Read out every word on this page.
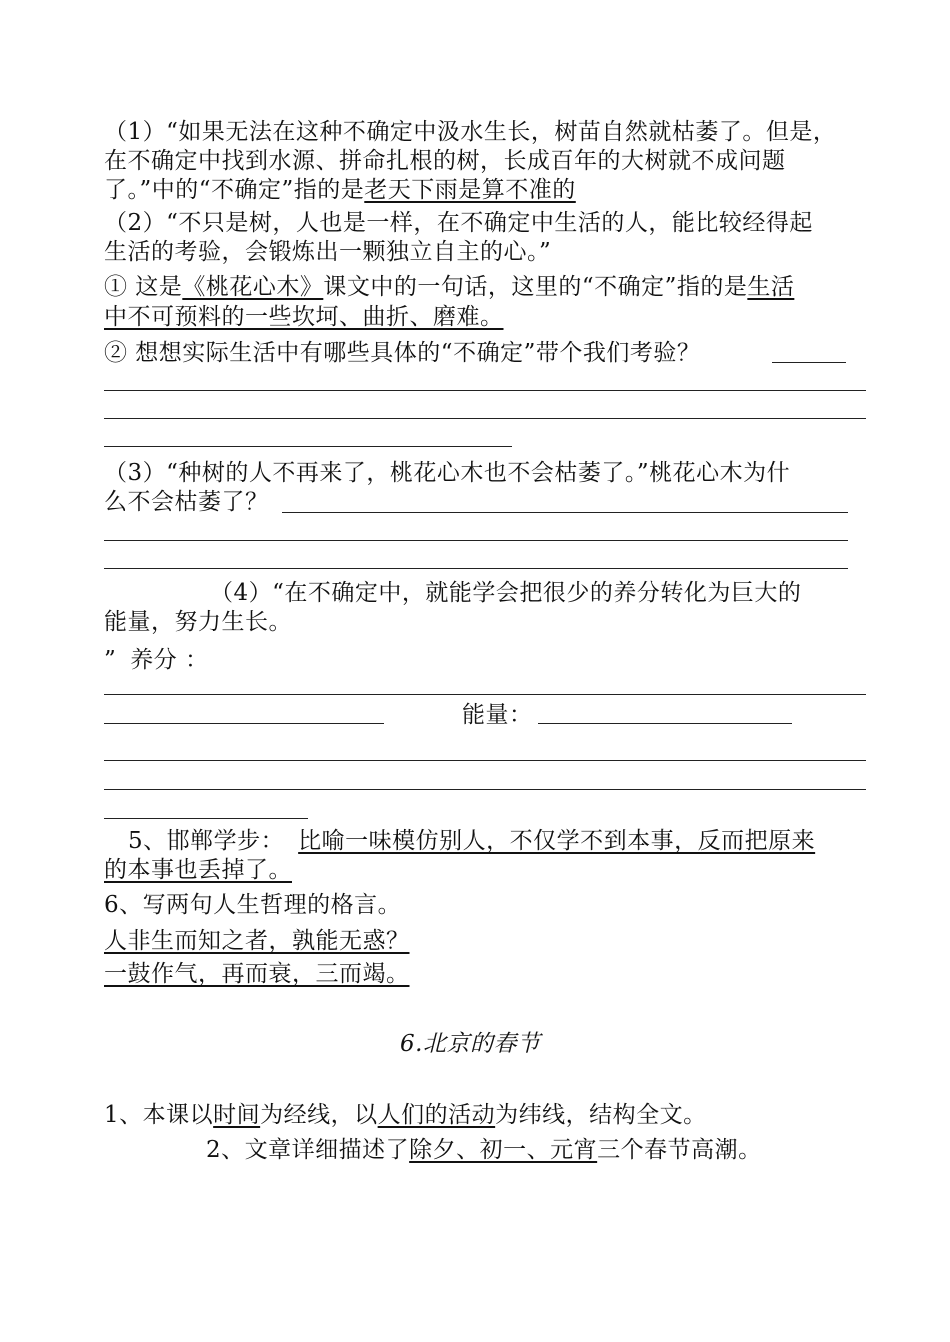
（1）“如果无法在这种不确定中汲水生长，树苗自然就枯萎了。但是，
在不确定中找到水源、拼命扎根的树，长成百年的大树就不成问题
了。”中的“不确定”指的是老天下雨是算不准的
（2）“不只是树，人也是一样，在不确定中生活的人，能比较经得起
生活的考验，会锻炼出一颗独立自主的心。”
① 这是《桃花心木》课文中的一句话，这里的“不确定”指的是生活
中不可预料的一些坎坷、曲折、磨难。
② 想想实际生活中有哪些具体的“不确定”带个我们考验？
（3）“种树的人不再来了，桃花心木也不会枯萎了。”桃花心木为什
么不会枯萎了？
（4）“在不确定中，就能学会把很少的养分转化为巨大的
能量，努力生长。
” 养分 ：
能量：
5、邯郸学步： 比喻一味模仿别人，不仅学不到本事，反而把原来
的本事也丢掉了。
6、写两句人生哲理的格言。
人非生而知之者，孰能无惑？
一鼓作气，再而衰，三而竭。
6.北京的春节
1、本课以时间为经线，以人们的活动为纬线，结构全文。
2、文章详细描述了除夕、初一、元宵三个春节高潮。
